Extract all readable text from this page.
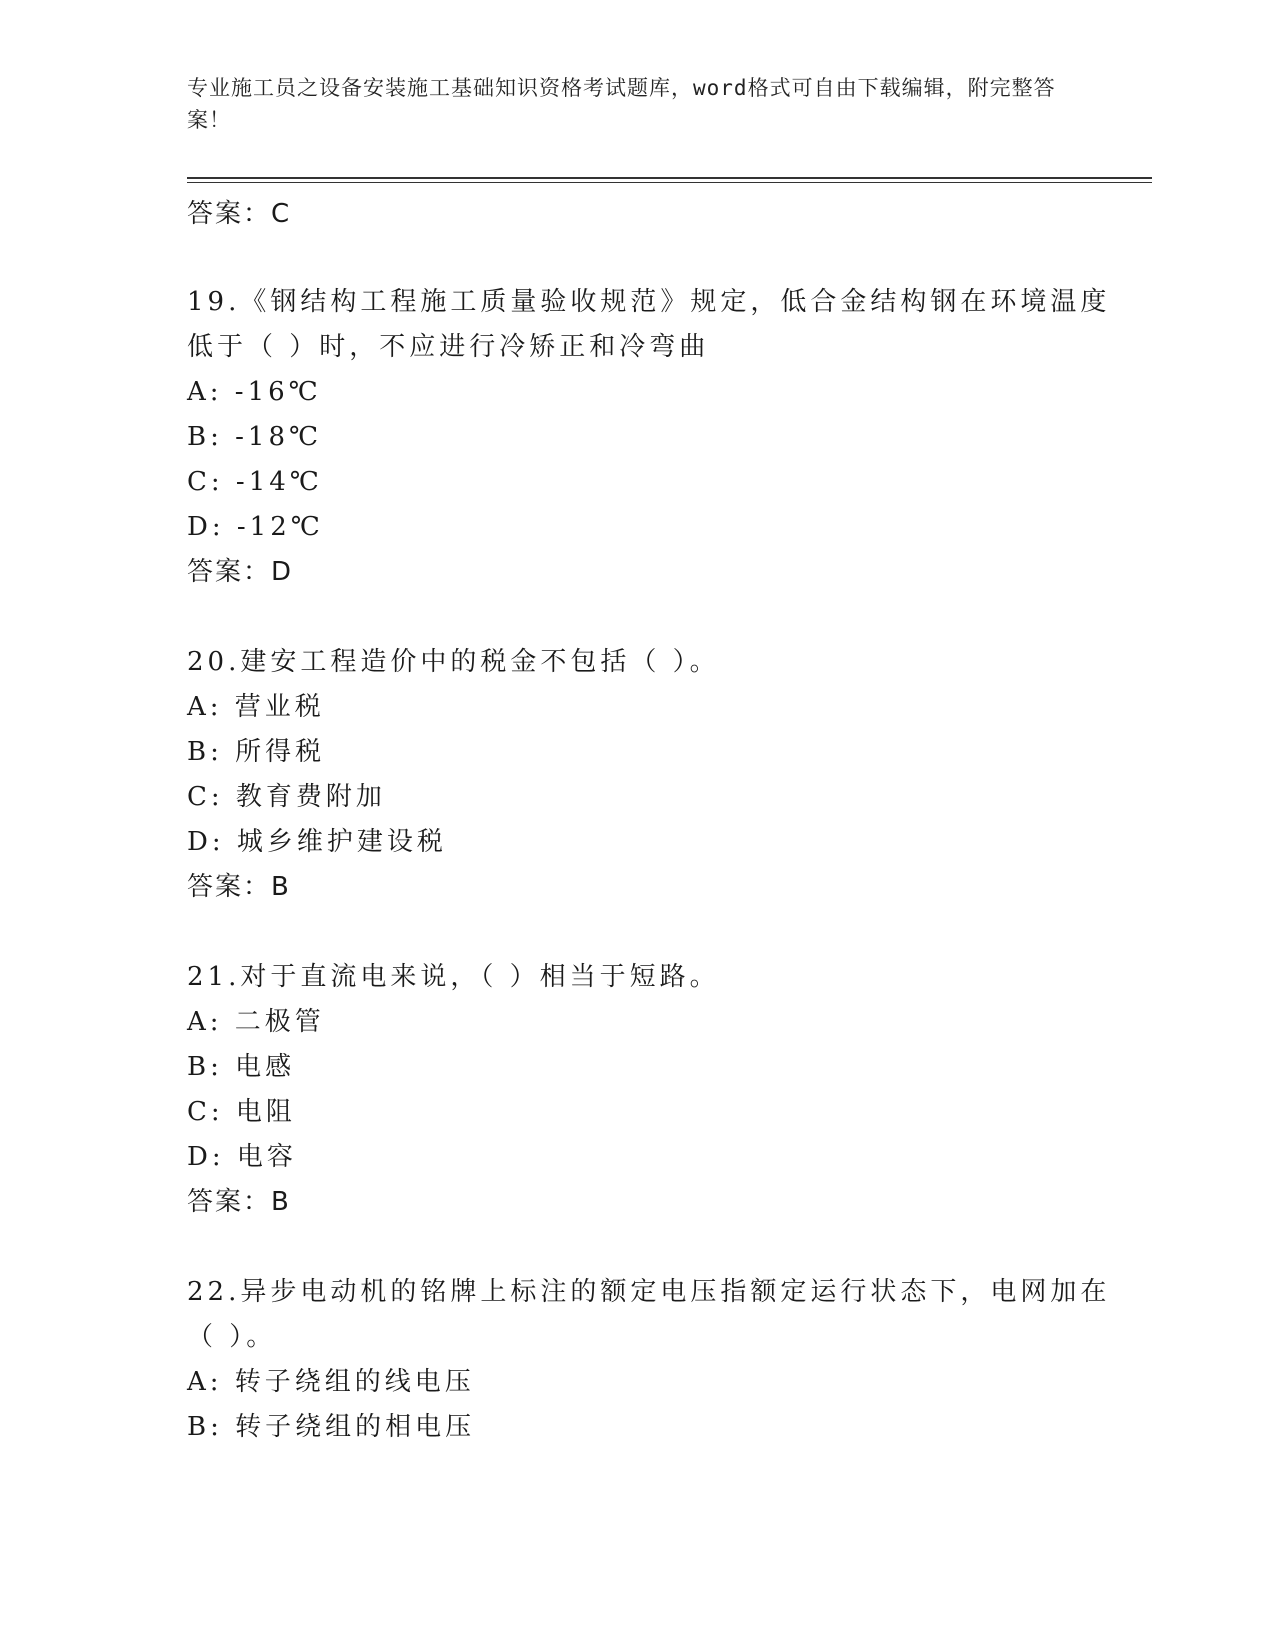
专业施工员之设备安装施工基础知识资格考试题库，word格式可自由下载编辑，附完整答案！
答案：C
19.《钢结构工程施工质量验收规范》规定，低合金结构钢在环境温度
低于（ ）时，不应进行冷矫正和冷弯曲
A: -16℃
B: -18℃
C: -14℃
D: -12℃
答案：D
20.建安工程造价中的税金不包括（ ）。
A: 营业税
B: 所得税
C: 教育费附加
D: 城乡维护建设税
答案：B
21.对于直流电来说，（ ）相当于短路。
A: 二极管
B: 电感
C: 电阻
D: 电容
答案：B
22.异步电动机的铭牌上标注的额定电压指额定运行状态下，电网加在
（ ）。
A: 转子绕组的线电压
B: 转子绕组的相电压
